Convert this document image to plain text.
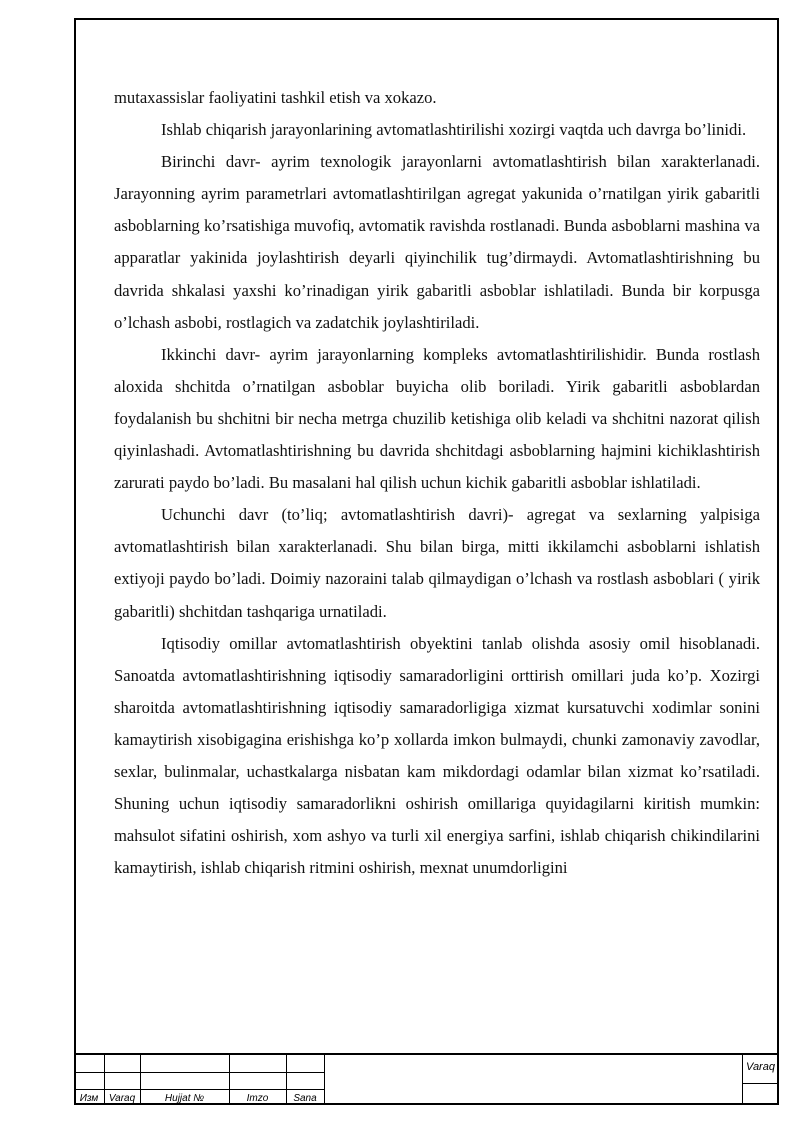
mutaxassislar faoliyatini tashkil etish va xokazo.

Ishlab chiqarish jarayonlarining avtomatlashtirilishi xozirgi vaqtda uch davrga bo’linidi.

Birinchi davr- ayrim texnologik jarayonlarni avtomatlashtirish bilan xarakterlanadi. Jarayonning ayrim parametrlari avtomatlashtirilgan agregat yakunida o’rnatilgan yirik gabaritli asboblarning ko’rsatishiga muvofiq, avtomatik ravishda rostlanadi. Bunda asboblarni mashina va apparatlar yakinida joylashtirish deyarli qiyinchilik tug’dirmaydi. Avtomatlashtirishning bu davrida shkalasi yaxshi ko’rinadigan yirik gabaritli asboblar ishlatiladi. Bunda bir korpusga o’lchash asbobi, rostlagich va zadatchik joylashtiriladi.

Ikkinchi davr- ayrim jarayonlarning kompleks avtomatlashtirilishidir. Bunda rostlash aloxida shchitda o’rnatilgan asboblar buyicha olib boriladi. Yirik gabaritli asboblardan foydalanish bu shchitni bir necha metrga chuzilib ketishiga olib keladi va shchitni nazorat qilish qiyinlashadi. Avtomatlashtirishning bu davrida shchitdagi asboblarning hajmini kichiklashtirish zarurati paydo bo’ladi. Bu masalani hal qilish uchun kichik gabaritli asboblar ishlatiladi.

Uchunchi davr (to’liq; avtomatlashtirish davri)- agregat va sexlarning yalpisiga avtomatlashtirish bilan xarakterlanadi. Shu bilan birga, mitti ikkilamchi asboblarni ishlatish extiyoji paydo bo’ladi. Doimiy nazoraini talab qilmaydigan o’lchash va rostlash asboblari ( yirik gabaritli) shchitdan tashqariga urnatiladi.

Iqtisodiy omillar avtomatlashtirish obyektini tanlab olishda asosiy omil hisoblanadi. Sanoatda avtomatlashtirishning iqtisodiy samaradorligini orttirish omillari juda ko’p. Xozirgi sharoitda avtomatlashtirishning iqtisodiy samaradorligiga xizmat kursatuvchi xodimlar sonini kamaytirish xisobigagina erishishga ko’p xollarda imkon bulmaydi, chunki zamonaviy zavodlar, sexlar, bulinmalar, uchastkalarga nisbatan kam mikdordagi odamlar bilan xizmat ko’rsatiladi. Shuning uchun iqtisodiy samaradorlikni oshirish omillariga quyidagilarni kiritish mumkin: mahsulot sifatini oshirish, xom ashyo va turli xil energiya sarfini, ishlab chiqarish chikindilarini kamaytirish, ishlab chiqarish ritmini oshirish, mexnat unumdorligini

Изм	Varaq	Hujjat №	Imzo	Sana
Varaq
